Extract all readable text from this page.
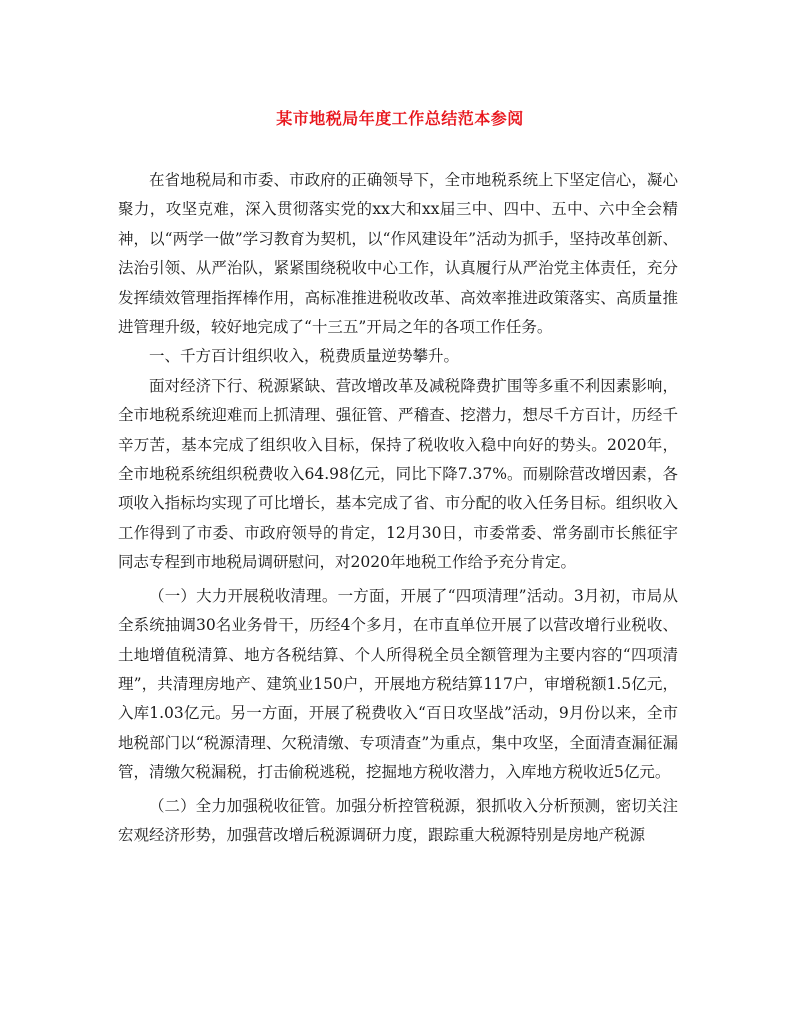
某市地税局年度工作总结范本参阅

在省地税局和市委、市政府的正确领导下，全市地税系统上下坚定信心，凝心聚力，攻坚克难，深入贯彻落实党的xx大和xx届三中、四中、五中、六中全会精神，以“两学一做”学习教育为契机，以“作风建设年”活动为抓手，坚持改革创新、法治引领、从严治队，紧紧围绕税收中心工作，认真履行从严治党主体责任，充分发挥绩效管理指挥棒作用，高标准推进税收改革、高效率推进政策落实、高质量推进管理升级，较好地完成了“十三五”开局之年的各项工作任务。

一、千方百计组织收入，税费质量逆势攀升。

面对经济下行、税源紧缺、营改增改革及减税降费扩围等多重不利因素影响，全市地税系统迎难而上抓清理、强征管、严稽查、挖潜力，想尽千方百计，历经千辛万苦，基本完成了组织收入目标，保持了税收收入稳中向好的势头。2020年，全市地税系统组织税费收入64.98亿元，同比下降7.37%。而剔除营改增因素，各项收入指标均实现了可比增长，基本完成了省、市分配的收入任务目标。组织收入工作得到了市委、市政府领导的肯定，12月30日，市委常委、常务副市长熊征宇同志专程到市地税局调研慰问，对2020年地税工作给予充分肯定。

（一）大力开展税收清理。一方面，开展了“四项清理”活动。3月初，市局从全系统抽调30名业务骨干，历经4个多月，在市直单位开展了以营改增行业税收、土地增值税清算、地方各税结算、个人所得税全员全额管理为主要内容的“四项清理”，共清理房地产、建筑业150户，开展地方税结算117户，审增税额1.5亿元，入库1.03亿元。另一方面，开展了税费收入“百日攻坚战”活动，9月份以来，全市地税部门以“税源清理、欠税清缴、专项清查”为重点，集中攻坚，全面清查漏征漏管，清缴欠税漏税，打击偷税逃税，挖掘地方税收潜力，入库地方税收近5亿元。

（二）全力加强税收征管。加强分析控管税源，狠抓收入分析预测，密切关注宏观经济形势，加强营改增后税源调研力度，跟踪重大税源特别是房地产税源
